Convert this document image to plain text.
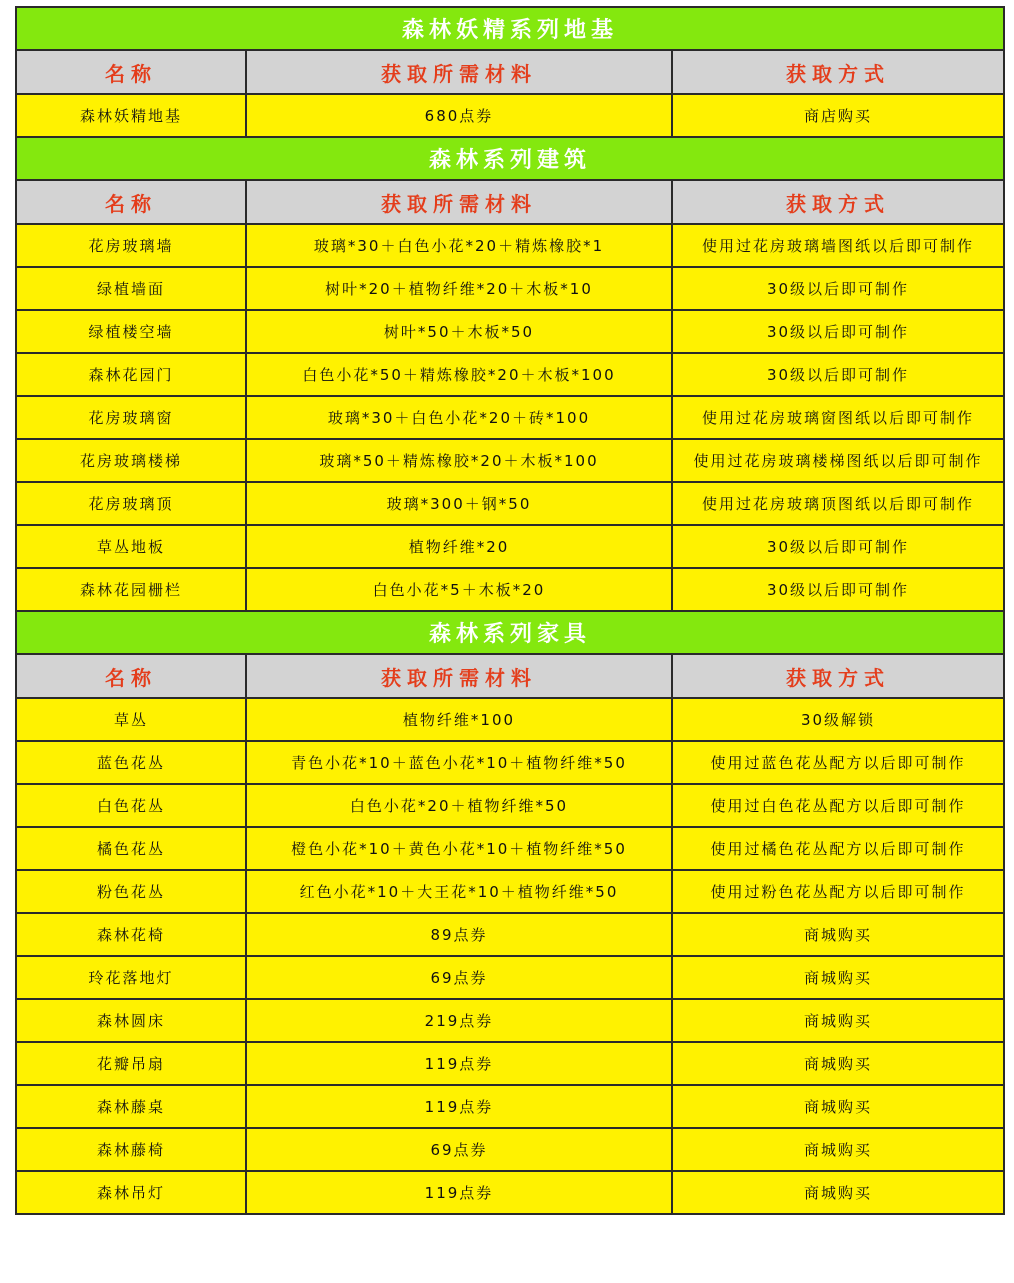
森林妖精系列地基		
名称	获取所需材料	获取方式
森林妖精地基	680点券	商店购买
森林系列建筑		
名称	获取所需材料	获取方式
花房玻璃墙	玻璃*30＋白色小花*20＋精炼橡胶*1	使用过花房玻璃墙图纸以后即可制作
绿植墙面	树叶*20＋植物纤维*20＋木板*10	30级以后即可制作
绿植楼空墙	树叶*50＋木板*50	30级以后即可制作
森林花园门	白色小花*50＋精炼橡胶*20＋木板*100	30级以后即可制作
花房玻璃窗	玻璃*30＋白色小花*20＋砖*100	使用过花房玻璃窗图纸以后即可制作
花房玻璃楼梯	玻璃*50＋精炼橡胶*20＋木板*100	使用过花房玻璃楼梯图纸以后即可制作
花房玻璃顶	玻璃*300＋钢*50	使用过花房玻璃顶图纸以后即可制作
草丛地板	植物纤维*20	30级以后即可制作
森林花园栅栏	白色小花*5＋木板*20	30级以后即可制作
森林系列家具		
名称	获取所需材料	获取方式
草丛	植物纤维*100	30级解锁
蓝色花丛	青色小花*10＋蓝色小花*10＋植物纤维*50	使用过蓝色花丛配方以后即可制作
白色花丛	白色小花*20＋植物纤维*50	使用过白色花丛配方以后即可制作
橘色花丛	橙色小花*10＋黄色小花*10＋植物纤维*50	使用过橘色花丛配方以后即可制作
粉色花丛	红色小花*10＋大王花*10＋植物纤维*50	使用过粉色花丛配方以后即可制作
森林花椅	89点券	商城购买
玲花落地灯	69点券	商城购买
森林圆床	219点券	商城购买
花瓣吊扇	119点券	商城购买
森林藤桌	119点券	商城购买
森林藤椅	69点券	商城购买
森林吊灯	119点券	商城购买
